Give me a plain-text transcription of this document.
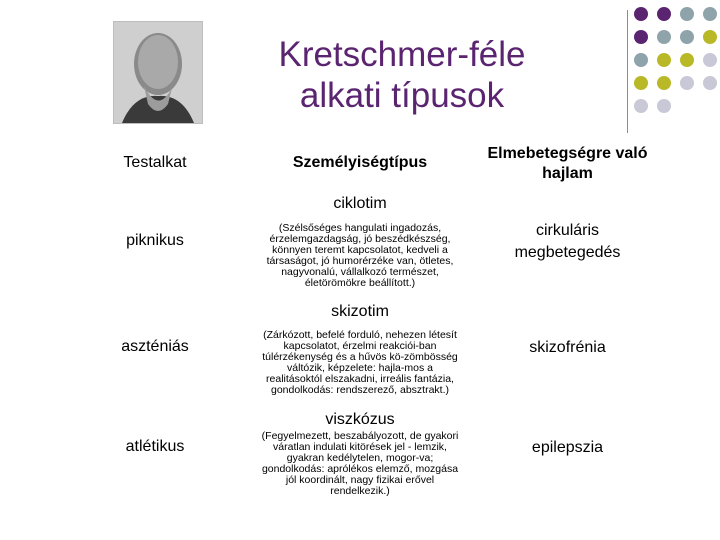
Kretschmer-féle
alkati típusok
Testalkat	Személyiségtípus
Elmebetegségre való
hajlam
ciklotim
piknikus
(Szélsőséges hangulati ingadozás, érzelemgazdagság, jó beszédkészség, könnyen teremt kapcsolatot, kedveli a társaságot, jó humorérzéke van, ötletes, nagyvonalú, vállalkozó természet, életörömökre beállított.)
cirkuláris
megbetegedés
skizotim
aszténiás
(Zárkózott, befelé forduló, nehezen létesít kapcsolatot, érzelmi reakciói-ban túlérzékenység és a hűvös kö-zömbösség váltózik, képzelete: hajla-mos a realitásoktól elszakadni, irreális fantázia, gondolkodás: rendszerező, absztrakt.)
skizofrénia
viszkózus
atlétikus
(Fegyelmezett, beszabályozott, de gyakori váratlan indulati kitörések jel - lemzik, gyakran kedélytelen, mogor-va; gondolkodás: aprólékos elemző, mozgása jól koordinált, nagy fizikai erővel rendelkezik.)
epilepszia
